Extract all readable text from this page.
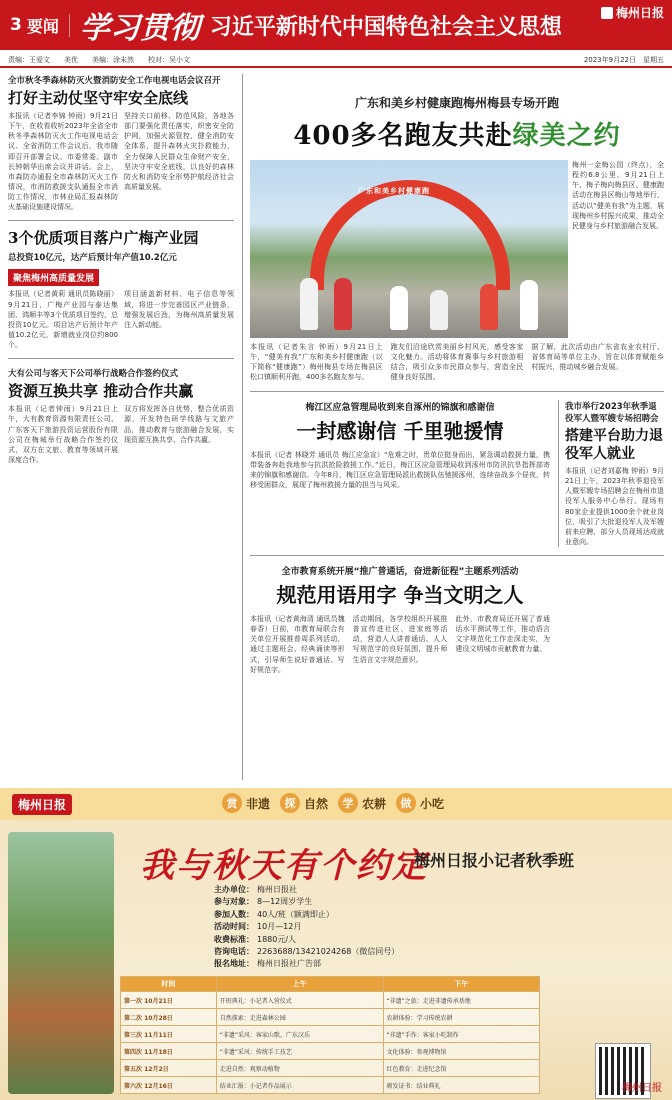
3 要闻 学习贯彻 习近平新时代中国特色社会主义思想
梅州日报
责编：王爱文　　美优　　美编：涂未然　　校对：吴小文	2023年9月22日　星期五
全市秋冬季森林防灭火暨消防安全工作电视电话会议召开
打好主动仗坚守牢安全底线

本报讯（记者李锦 钟雨）9月21日下午，在收看收听2023年全省全市秋冬季森林防灭火工作电视电话会议、全省消防工作会议后，我市随即召开部署会议。市委常委、副市长钟朝华出席会议并讲话。会上，市森防办通报全市森林防灭火工作情况，市消防救援支队通报全市消防工作情况，市林业局汇报森林防火基础设施建设情况。

坚持关口前移、防范风险，各地各部门要强化责任落实，织密安全防护网，加强火源管控，健全消防安全体系，提升森林火灾扑救能力，全力保障人民群众生命财产安全，坚决守牢安全底线，以良好的森林防火和消防安全形势护航经济社会高质量发展。

3个优质项目落户广梅产业园
总投资10亿元，达产后预计年产值10.2亿元
聚焦梅州高质量发展

本报讯（记者黄莉 通讯员陈晓丽）9月21日，广梅产业园与泰达集团、鸿顺丰等3个优质项目签约，总投资10亿元。项目达产后预计年产值10.2亿元，新增就业岗位约800个。

项目涵盖新材料、电子信息等领域，将进一步完善园区产业链条，增强发展后劲，为梅州高质量发展注入新动能。

大有公司与客天下公司举行战略合作签约仪式
资源互换共享 推动合作共赢

本报讯（记者钟雨）9月21日上午，大有教育资源有限责任公司、广东客天下旅游投资运营股份有限公司在梅城举行战略合作签约仪式，双方在文旅、教育等领域开展深度合作。

双方将发挥各自优势，整合优质资源，开发特色研学线路与文旅产品，推动教育与旅游融合发展，实现资源互换共享、合作共赢。

广东和美乡村健康跑梅州梅县专场开跑
400多名跑友共赴绿美之约
广东和美乡村健康跑

梅州一金梅公园（终点），全程约6.8公里。9月21日上午，梅子梅向梅县区。健康跑活动在梅县区梅山等地举行，活动以“健美有我”为主题，展现梅州乡村振兴成果，推动全民健身与乡村旅游融合发展。

本报讯（记者朱言 钟雨）9月21日上午，“健美有我”广东和美乡村健康跑（以下简称“健康跑”）梅州梅县专场在梅县区松口镇顺利开跑，400多名跑友参与。

跑友们沿途欣赏美丽乡村风光，感受客家文化魅力。活动将体育赛事与乡村旅游相结合，吸引众多市民群众参与，营造全民健身良好氛围。

据了解，此次活动由广东省农业农村厅、省体育局等单位主办，旨在以体育赋能乡村振兴，推动城乡融合发展。

梅江区应急管理局收到来自涿州的锦旗和感谢信
一封感谢信 千里驰援情

本报讯（记者 林晓芳 通讯员 梅江应急宣）“危难之时，贵单位挺身而出，紧急调动救援力量，携带装备奔赴我地参与抗洪抢险救援工作。”近日，梅江区应急管理局收到涿州市防汛抗旱指挥部寄来的锦旗和感谢信。今年8月，梅江区应急管理局派出救援队伍驰援涿州，连续奋战多个昼夜，转移受困群众，展现了梅州救援力量的担当与风采。

我市举行2023年秋季退役军人暨军嫂专场招聘会
搭建平台助力退役军人就业

本报讯（记者刘嘉梅 钟雨）9月21日上午，2023年秋季退役军人暨军嫂专场招聘会在梅州市退役军人服务中心举行。现场有80家企业提供1000余个就业岗位，吸引了大批退役军人及军嫂前来应聘，部分人员现场达成就业意向。

全市教育系统开展“推广普通话，奋进新征程”主题系列活动
规范用语用字 争当文明之人

本报讯（记者黄海清 通讯员魏春香）日前，市教育局联合有关单位开展推普周系列活动，通过主题班会、经典诵读等形式，引导师生说好普通话、写好规范字。

活动期间，各学校组织开展推普宣传进社区、进家庭等活动，营造人人讲普通话、人人写规范字的良好氛围，提升师生语言文字规范意识。

此外，市教育局还开展了普通话水平测试等工作，推动语言文字规范化工作走深走实，为建设文明城市贡献教育力量。

梅州日报	赏 非遗	探 自然	学 农耕	做 小吃
我与秋天有个约定
梅州日报小记者秋季班
主办单位： 梅州日报社
参与对象： 8—12周岁学生
参加人数： 40人/班（额满即止）
活动时间： 10月—12月
收费标准： 1880元/人
咨询电话： 2263688/13421024268（微信同号）
报名地址： 梅州日报社广告部
时间	上午	下午
第一次 10月21日	开班典礼：小记者入营仪式	“非遗”之旅：走进非遗传承基地
第二次 10月28日	自然探索：走进森林公园	农耕体验：学习传统农耕
第三次 11月11日	“非遗”采风：客家山歌、广东汉乐	“非遗”手作：客家小吃制作
第四次 11月18日	“非遗”采风：传统手工技艺	文化体验：参观博物馆
第五次 12月2日	走进自然：观察动植物	红色教育：走进纪念馆
第六次 12月16日	结业汇报：小记者作品展示	颁发证书：结业典礼	梅州日报
